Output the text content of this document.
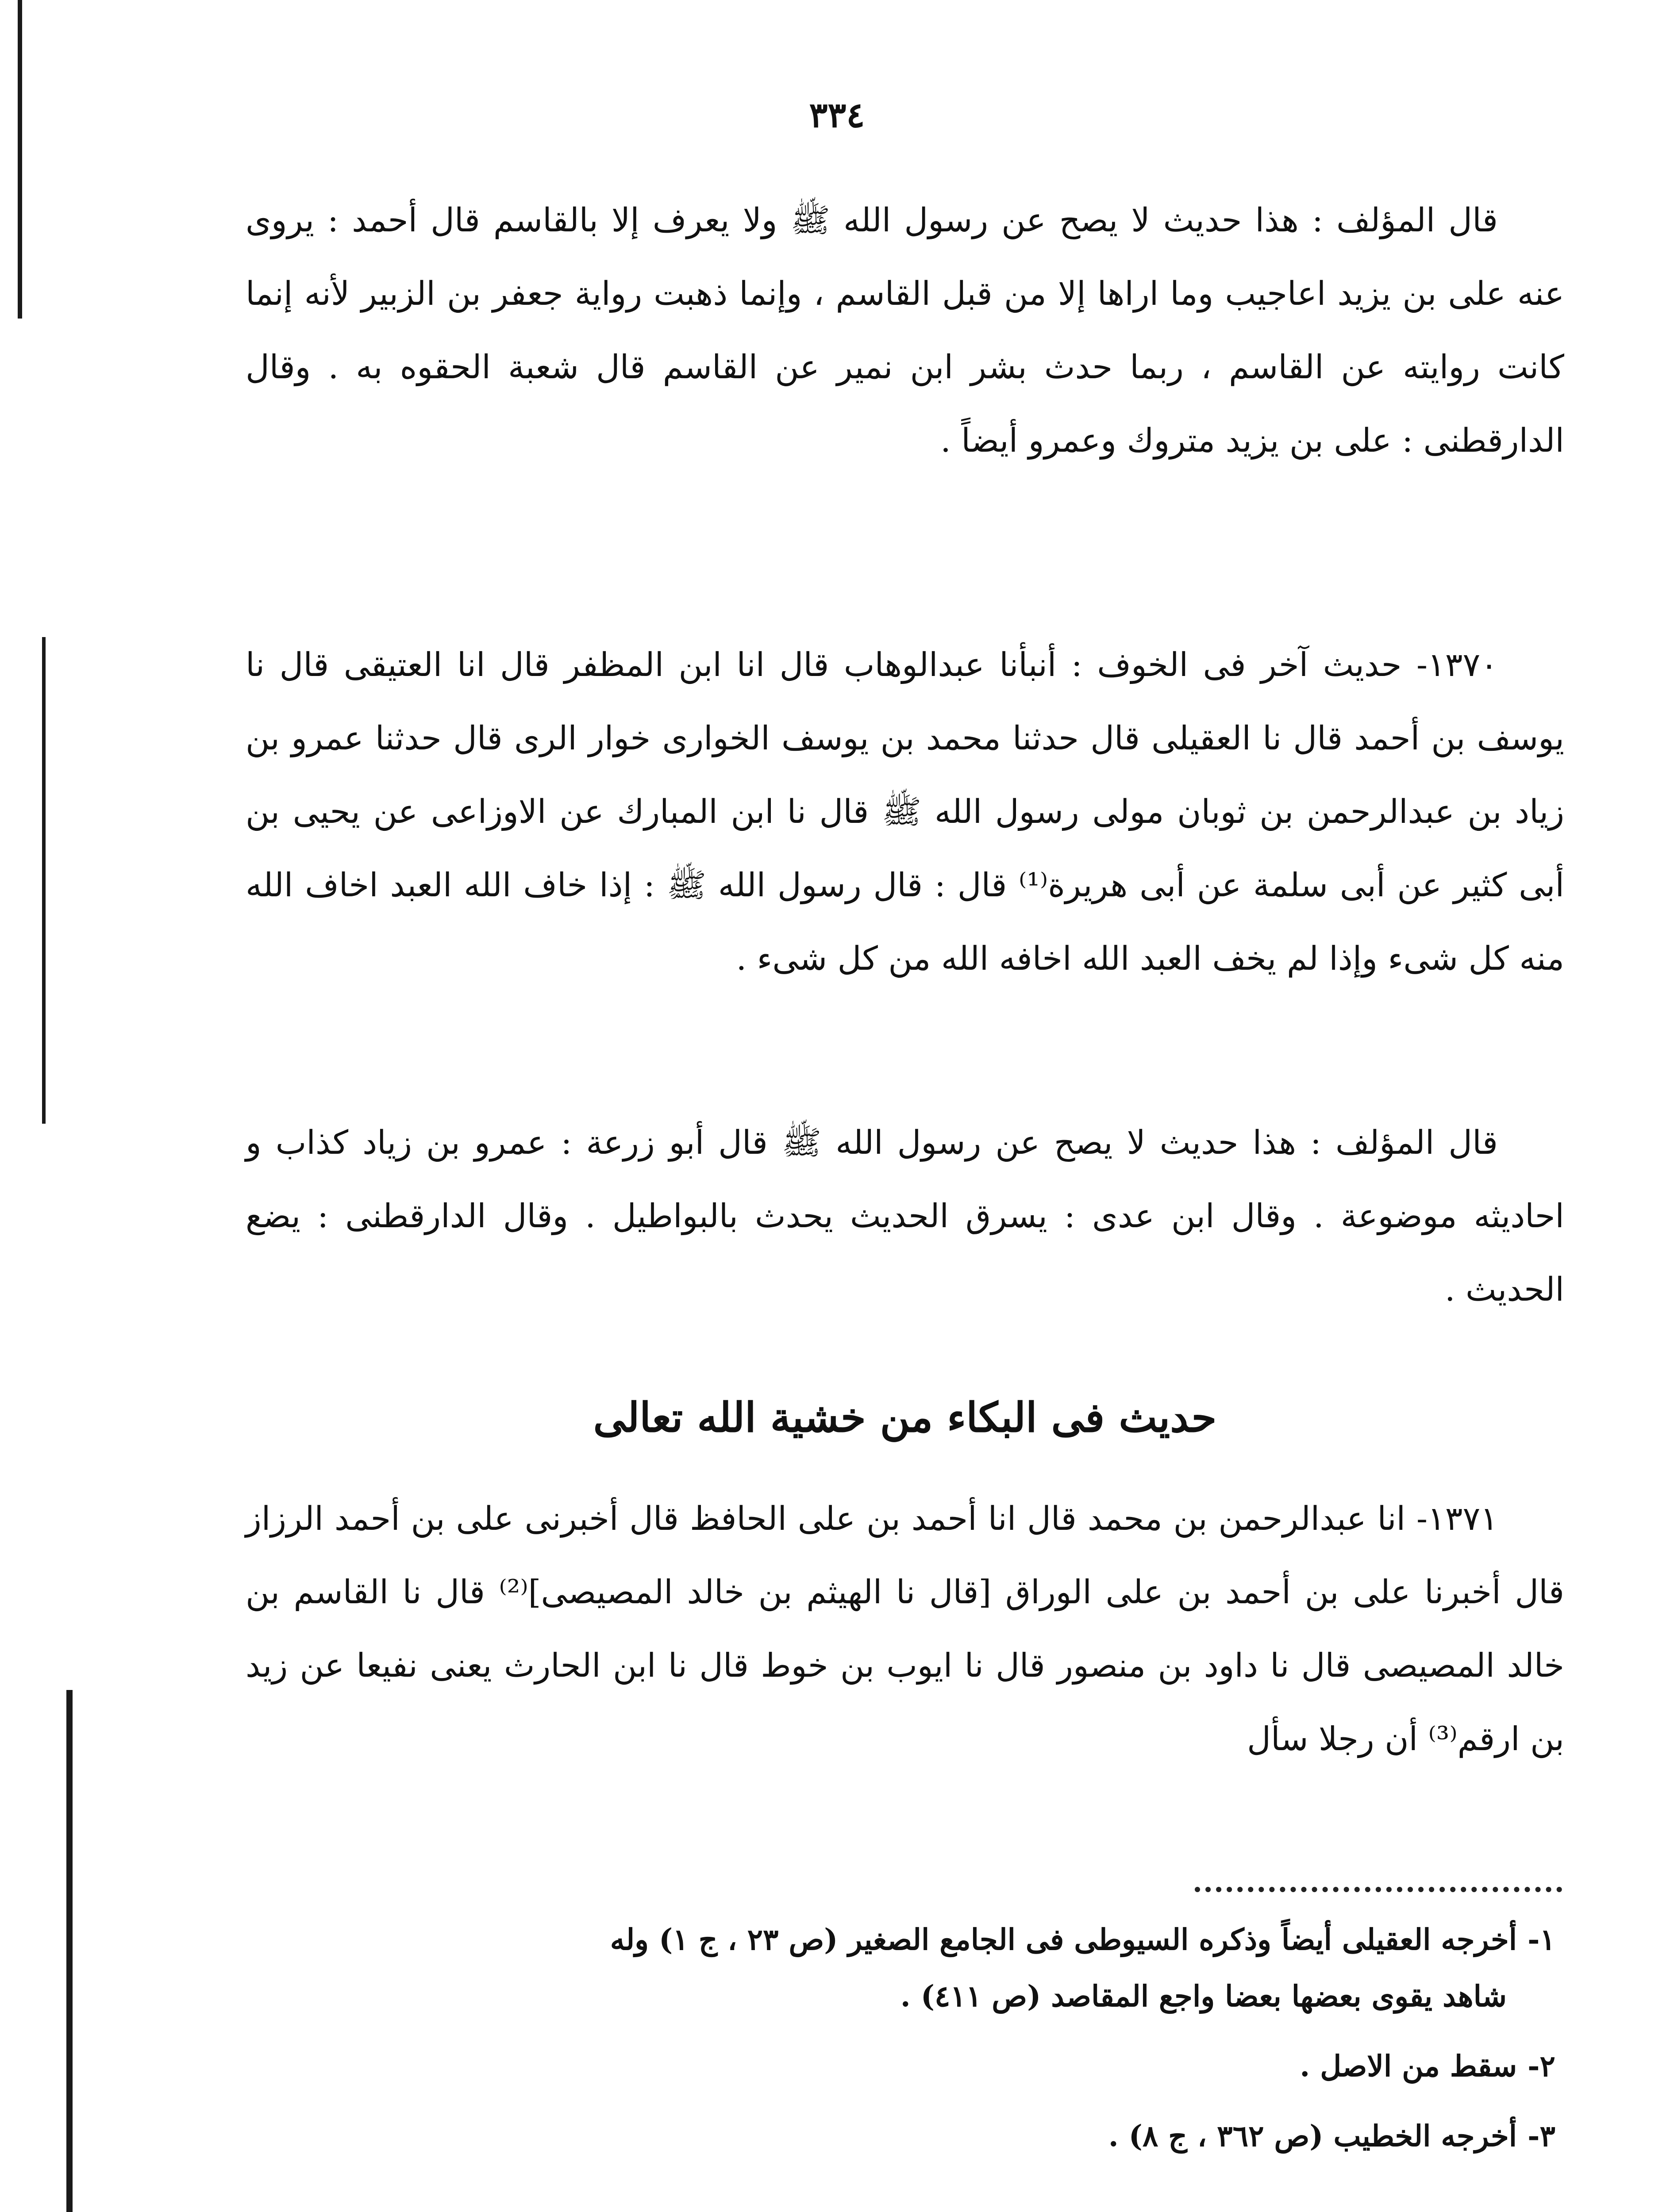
٣٣٤
قال المؤلف : هذا حديث لا يصح عن رسول الله ﷺ ولا يعرف إلا بالقاسم قال أحمد : يروى عنه على بن يزيد اعاجيب وما اراها إلا من قبل القاسم ، وإنما ذهبت رواية جعفر بن الزبير لأنه إنما كانت روايته عن القاسم ، ربما حدث بشر ابن نمير عن القاسم قال شعبة الحقوه به . وقال الدارقطنى : على بن يزيد متروك وعمرو أيضاً .
١٣٧٠- حديث آخر فى الخوف : أنبأنا عبدالوهاب قال انا ابن المظفر قال انا العتيقى قال نا يوسف بن أحمد قال نا العقيلى قال حدثنا محمد بن يوسف الخوارى خوار الرى قال حدثنا عمرو بن زياد بن عبدالرحمن بن ثوبان مولى رسول الله ﷺ قال نا ابن المبارك عن الاوزاعى عن يحيى بن أبى كثير عن أبى سلمة عن أبى هريرة⁽¹⁾ قال : قال رسول الله ﷺ : إذا خاف الله العبد اخاف الله منه كل شىء وإذا لم يخف العبد الله اخافه الله من كل شىء .
قال المؤلف : هذا حديث لا يصح عن رسول الله ﷺ قال أبو زرعة : عمرو بن زياد كذاب و احاديثه موضوعة . وقال ابن عدى : يسرق الحديث يحدث بالبواطيل . وقال الدارقطنى : يضع الحديث .
حديث فى البكاء من خشية الله تعالى
١٣٧١- انا عبدالرحمن بن محمد قال انا أحمد بن على الحافظ قال أخبرنى على بن أحمد الرزاز قال أخبرنا على بن أحمد بن على الوراق [قال نا الهيثم بن خالد المصيصى]⁽²⁾ قال نا القاسم بن خالد المصيصى قال نا داود بن منصور قال نا ايوب بن خوط قال نا ابن الحارث يعنى نفيعا عن زيد بن ارقم⁽³⁾ أن رجلا سأل
١-أخرجه العقيلى أيضاً وذكره السيوطى فى الجامع الصغير (ص ٢٣ ، ج ١) وله
شاهد يقوى بعضها بعضا واجع المقاصد (ص ٤١١) .
٢-سقط من الاصل .
٣-أخرجه الخطيب (ص ٣٦٢ ، ج ٨) .
